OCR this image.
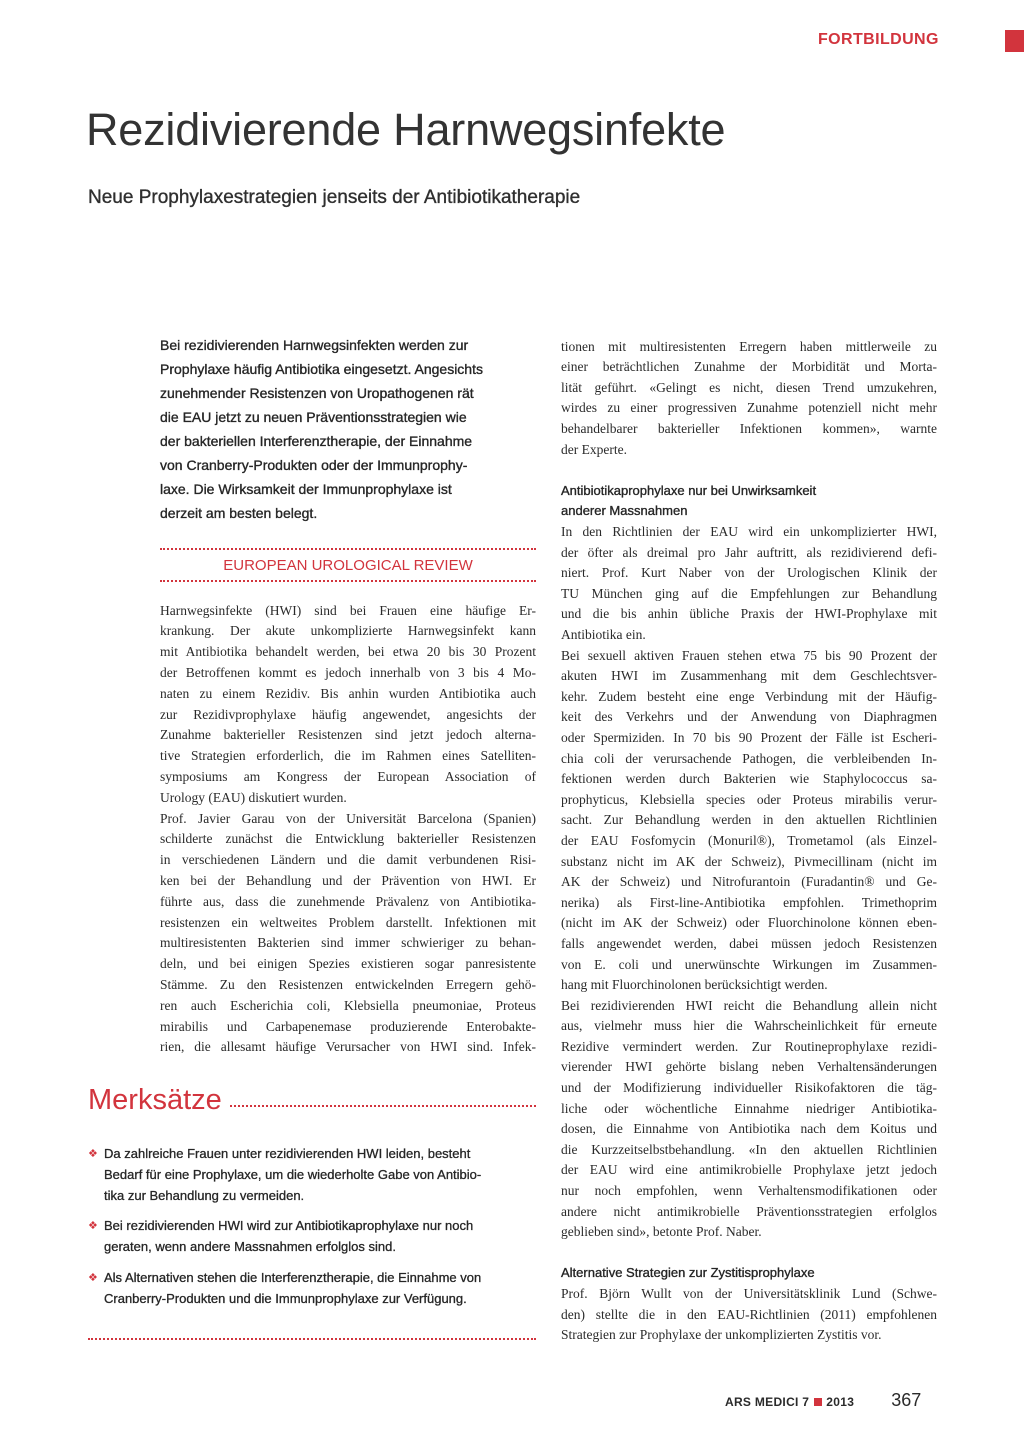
FORTBILDUNG
Rezidivierende Harnwegsinfekte
Neue Prophylaxestrategien jenseits der Antibiotikatherapie
Bei rezidivierenden Harnwegsinfekten werden zur
Prophylaxe häufig Antibiotika eingesetzt. Angesichts
zunehmender Resistenzen von Uropathogenen rät
die EAU jetzt zu neuen Präventionsstrategien wie
der bakteriellen Interferenztherapie, der Einnahme
von Cranberry-Produkten oder der Immunprophy-
laxe. Die Wirksamkeit der Immunprophylaxe ist
derzeit am besten belegt.
EUROPEAN UROLOGICAL REVIEW
Harnwegsinfekte (HWI) sind bei Frauen eine häufige Er-
krankung. Der akute unkomplizierte Harnwegsinfekt kann
mit Antibiotika behandelt werden, bei etwa 20 bis 30 Prozent
der Betroffenen kommt es jedoch innerhalb von 3 bis 4 Mo-
naten zu einem Rezidiv. Bis anhin wurden Antibiotika auch
zur Rezidivprophylaxe häufig angewendet, angesichts der
Zunahme bakterieller Resistenzen sind jetzt jedoch alterna-
tive Strategien erforderlich, die im Rahmen eines Satelliten-
symposiums am Kongress der European Association of
Urology (EAU) diskutiert wurden.
Prof. Javier Garau von der Universität Barcelona (Spanien)
schilderte zunächst die Entwicklung bakterieller Resistenzen
in verschiedenen Ländern und die damit verbundenen Risi-
ken bei der Behandlung und der Prävention von HWI. Er
führte aus, dass die zunehmende Prävalenz von Antibiotika-
resistenzen ein weltweites Problem darstellt. Infektionen mit
multiresistenten Bakterien sind immer schwieriger zu behan-
deln, und bei einigen Spezies existieren sogar panresistente
Stämme. Zu den Resistenzen entwickelnden Erregern gehö-
ren auch Escherichia coli, Klebsiella pneumoniae, Proteus
mirabilis und Carbapenemase produzierende Enterobakte-
rien, die allesamt häufige Verursacher von HWI sind. Infek-
tionen mit multiresistenten Erregern haben mittlerweile zu
einer beträchtlichen Zunahme der Morbidität und Morta-
lität geführt. «Gelingt es nicht, diesen Trend umzukehren,
wirdes zu einer progressiven Zunahme potenziell nicht mehr
behandelbarer bakterieller Infektionen kommen», warnte
der Experte.
Antibiotikaprophylaxe nur bei Unwirksamkeit
anderer Massnahmen
In den Richtlinien der EAU wird ein unkomplizierter HWI,
der öfter als dreimal pro Jahr auftritt, als rezidivierend defi-
niert. Prof. Kurt Naber von der Urologischen Klinik der
TU München ging auf die Empfehlungen zur Behandlung
und die bis anhin übliche Praxis der HWI-Prophylaxe mit
Antibiotika ein.
Bei sexuell aktiven Frauen stehen etwa 75 bis 90 Prozent der
akuten HWI im Zusammenhang mit dem Geschlechtsver-
kehr. Zudem besteht eine enge Verbindung mit der Häufig-
keit des Verkehrs und der Anwendung von Diaphragmen
oder Spermiziden. In 70 bis 90 Prozent der Fälle ist Escheri-
chia coli der verursachende Pathogen, die verbleibenden In-
fektionen werden durch Bakterien wie Staphylococcus sa-
prophyticus, Klebsiella species oder Proteus mirabilis verur-
sacht. Zur Behandlung werden in den aktuellen Richtlinien
der EAU Fosfomycin (Monuril®), Trometamol (als Einzel-
substanz nicht im AK der Schweiz), Pivmecillinam (nicht im
AK der Schweiz) und Nitrofurantoin (Furadantin® und Ge-
nerika) als First-line-Antibiotika empfohlen. Trimethoprim
(nicht im AK der Schweiz) oder Fluorchinolone können eben-
falls angewendet werden, dabei müssen jedoch Resistenzen
von E. coli und unerwünschte Wirkungen im Zusammen-
hang mit Fluorchinolonen berücksichtigt werden.
Bei rezidivierenden HWI reicht die Behandlung allein nicht
aus, vielmehr muss hier die Wahrscheinlichkeit für erneute
Rezidive vermindert werden. Zur Routineprophylaxe rezidi-
vierender HWI gehörte bislang neben Verhaltensänderungen
und der Modifizierung individueller Risikofaktoren die täg-
liche oder wöchentliche Einnahme niedriger Antibiotika-
dosen, die Einnahme von Antibiotika nach dem Koitus und
die Kurzzeitselbstbehandlung. «In den aktuellen Richtlinien
der EAU wird eine antimikrobielle Prophylaxe jetzt jedoch
nur noch empfohlen, wenn Verhaltensmodifikationen oder
andere nicht antimikrobielle Präventionsstrategien erfolglos
geblieben sind», betonte Prof. Naber.
Alternative Strategien zur Zystitisprophylaxe
Prof. Björn Wullt von der Universitätsklinik Lund (Schwe-
den) stellte die in den EAU-Richtlinien (2011) empfohlenen
Strategien zur Prophylaxe der unkomplizierten Zystitis vor.
Merksätze
❖ Da zahlreiche Frauen unter rezidivierenden HWI leiden, besteht
Bedarf für eine Prophylaxe, um die wiederholte Gabe von Antibio-
tika zur Behandlung zu vermeiden.
❖ Bei rezidivierenden HWI wird zur Antibiotikaprophylaxe nur noch
geraten, wenn andere Massnahmen erfolglos sind.
❖ Als Alternativen stehen die Interferenztherapie, die Einnahme von
Cranberry-Produkten und die Immunprophylaxe zur Verfügung.
ARS MEDICI 7 2013 367
